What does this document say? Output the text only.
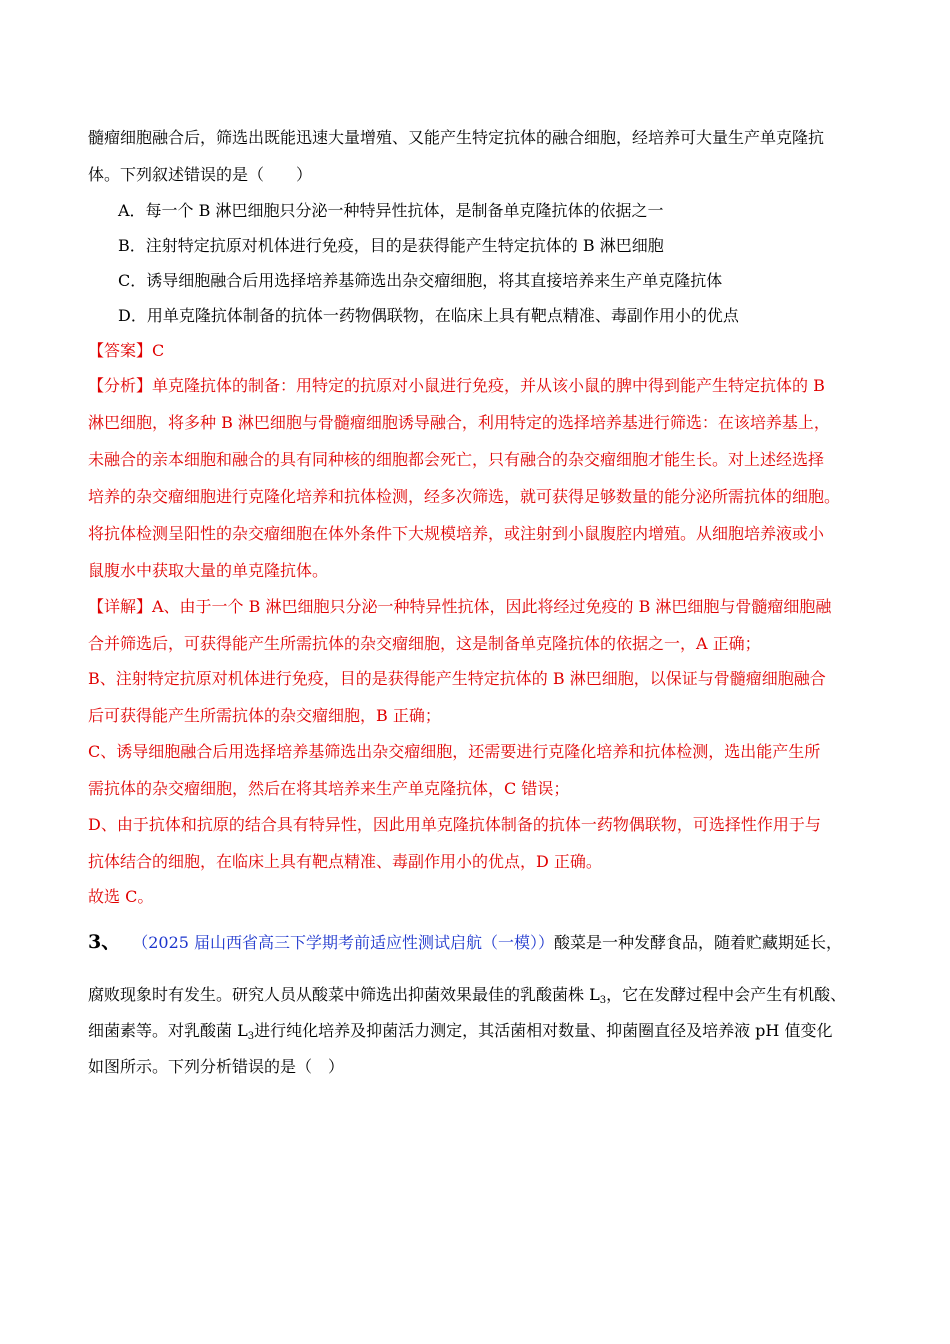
髓瘤细胞融合后，筛选出既能迅速大量增殖、又能产生特定抗体的融合细胞，经培养可大量生产单克隆抗
体。下列叙述错误的是（　　）
A．每一个 B 淋巴细胞只分泌一种特异性抗体，是制备单克隆抗体的依据之一
B．注射特定抗原对机体进行免疫，目的是获得能产生特定抗体的 B 淋巴细胞
C．诱导细胞融合后用选择培养基筛选出杂交瘤细胞，将其直接培养来生产单克隆抗体
D．用单克隆抗体制备的抗体一药物偶联物，在临床上具有靶点精准、毒副作用小的优点
【答案】C
【分析】单克隆抗体的制备：用特定的抗原对小鼠进行免疫，并从该小鼠的脾中得到能产生特定抗体的 B
淋巴细胞，将多种 B 淋巴细胞与骨髓瘤细胞诱导融合，利用特定的选择培养基进行筛选：在该培养基上，
未融合的亲本细胞和融合的具有同种核的细胞都会死亡，只有融合的杂交瘤细胞才能生长。对上述经选择
培养的杂交瘤细胞进行克隆化培养和抗体检测，经多次筛选，就可获得足够数量的能分泌所需抗体的细胞。
将抗体检测呈阳性的杂交瘤细胞在体外条件下大规模培养，或注射到小鼠腹腔内增殖。从细胞培养液或小
鼠腹水中获取大量的单克隆抗体。
【详解】A、由于一个 B 淋巴细胞只分泌一种特异性抗体，因此将经过免疫的 B 淋巴细胞与骨髓瘤细胞融
合并筛选后，可获得能产生所需抗体的杂交瘤细胞，这是制备单克隆抗体的依据之一，A 正确；
B、注射特定抗原对机体进行免疫，目的是获得能产生特定抗体的 B 淋巴细胞，以保证与骨髓瘤细胞融合
后可获得能产生所需抗体的杂交瘤细胞，B 正确；
C、诱导细胞融合后用选择培养基筛选出杂交瘤细胞，还需要进行克隆化培养和抗体检测，选出能产生所
需抗体的杂交瘤细胞，然后在将其培养来生产单克隆抗体，C 错误；
D、由于抗体和抗原的结合具有特异性，因此用单克隆抗体制备的抗体一药物偶联物，可选择性作用于与
抗体结合的细胞，在临床上具有靶点精准、毒副作用小的优点，D 正确。
故选 C。
3、 （2025 届山西省高三下学期考前适应性测试启航（一模））酸菜是一种发酵食品，随着贮藏期延长，
腐败现象时有发生。研究人员从酸菜中筛选出抑菌效果最佳的乳酸菌株 $L_3$，它在发酵过程中会产生有机酸、
细菌素等。对乳酸菌 $L_3$进行纯化培养及抑菌活力测定，其活菌相对数量、抑菌圈直径及培养液 pH 值变化
如图所示。下列分析错误的是（　）
